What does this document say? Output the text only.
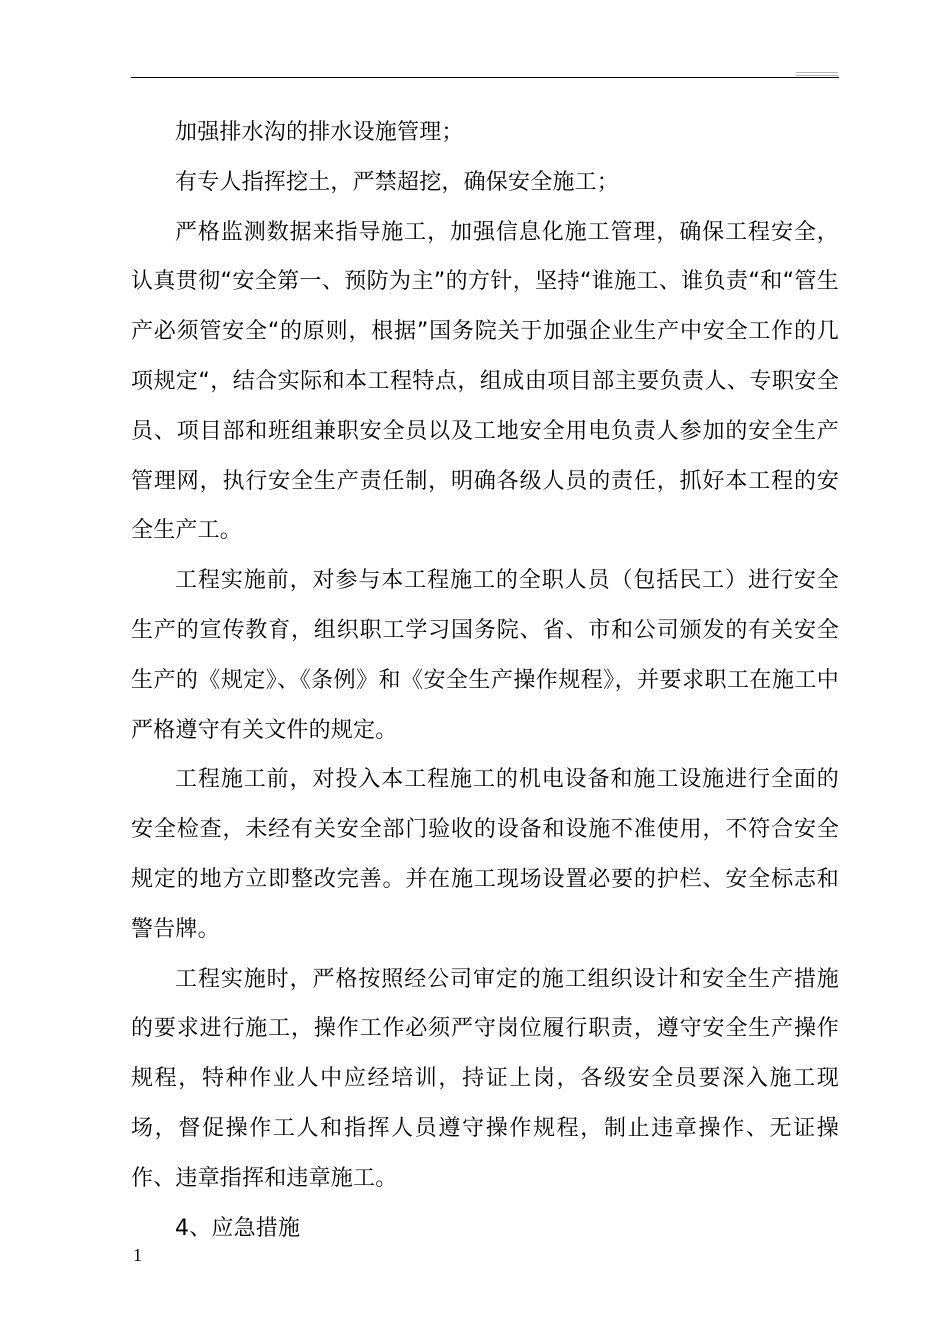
加强排水沟的排水设施管理；

有专人指挥挖土，严禁超挖，确保安全施工；

严格监测数据来指导施工，加强信息化施工管理，确保工程安全，认真贯彻“安全第一、预防为主”的方针，坚持“谁施工、谁负责“和“管生产必须管安全“的原则，根据”国务院关于加强企业生产中安全工作的几项规定“，结合实际和本工程特点，组成由项目部主要负责人、专职安全员、项目部和班组兼职安全员以及工地安全用电负责人参加的安全生产管理网，执行安全生产责任制，明确各级人员的责任，抓好本工程的安全生产工。

工程实施前，对参与本工程施工的全职人员（包括民工）进行安全生产的宣传教育，组织职工学习国务院、省、市和公司颁发的有关安全生产的《规定》、《条例》和《安全生产操作规程》，并要求职工在施工中严格遵守有关文件的规定。

工程施工前，对投入本工程施工的机电设备和施工设施进行全面的安全检查，未经有关安全部门验收的设备和设施不准使用，不符合安全规定的地方立即整改完善。并在施工现场设置必要的护栏、安全标志和警告牌。

工程实施时，严格按照经公司审定的施工组织设计和安全生产措施的要求进行施工，操作工作必须严守岗位履行职责，遵守安全生产操作规程，特种作业人中应经培训，持证上岗，各级安全员要深入施工现场，督促操作工人和指挥人员遵守操作规程，制止违章操作、无证操作、违章指挥和违章施工。

4、应急措施

1
